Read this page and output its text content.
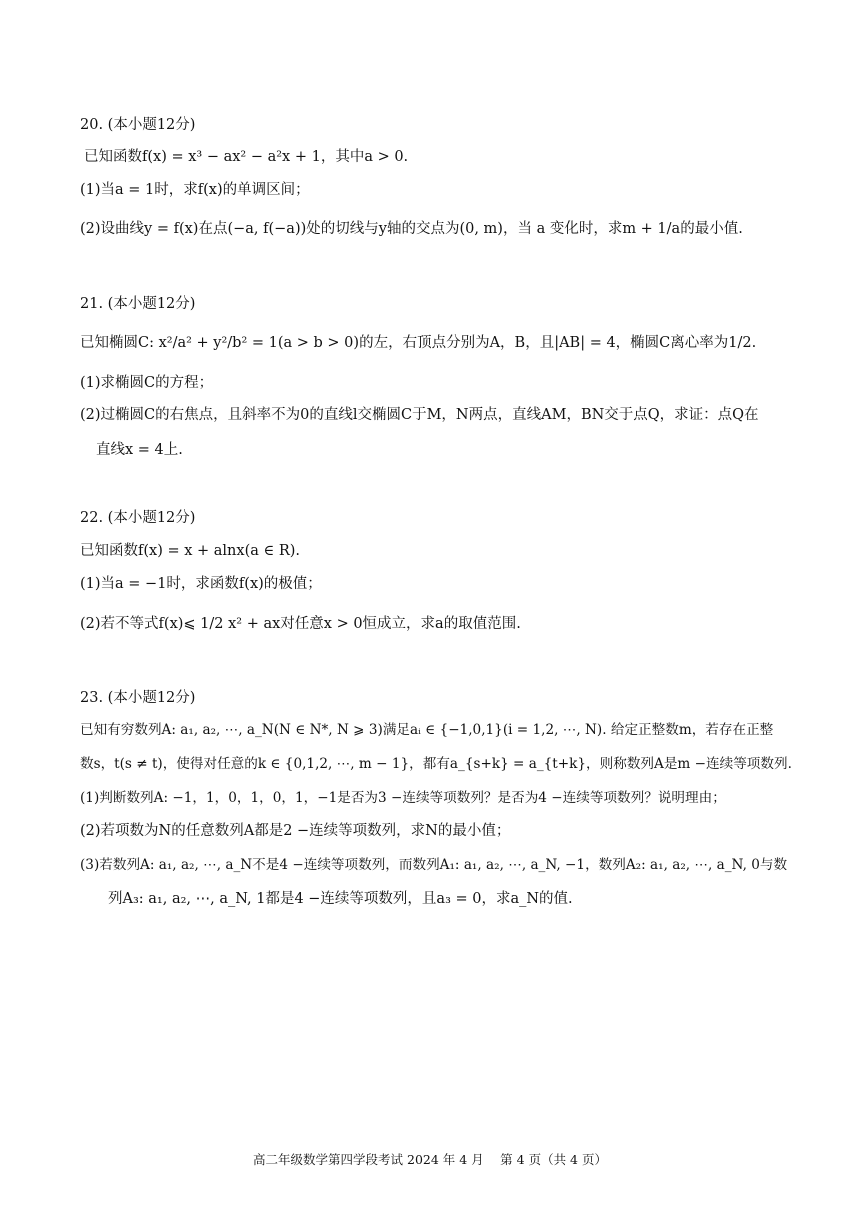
20. (本小题12分)
已知函数f(x) = x³ − ax² − a²x + 1，其中a > 0.
(1)当a = 1时，求f(x)的单调区间；
(2)设曲线y = f(x)在点(−a, f(−a))处的切线与y轴的交点为(0, m)，当 a 变化时，求m + 1/a的最小值.
21. (本小题12分)
已知椭圆C: x²/a² + y²/b² = 1(a > b > 0)的左，右顶点分别为A，B，且|AB| = 4，椭圆C离心率为1/2.
(1)求椭圆C的方程；
(2)过椭圆C的右焦点，且斜率不为0的直线l交椭圆C于M，N两点，直线AM，BN交于点Q，求证：点Q在
直线x = 4上.
22. (本小题12分)
已知函数f(x) = x + alnx(a ∈ R).
(1)当a = −1时，求函数f(x)的极值；
(2)若不等式f(x)⩽ 1/2 x² + ax对任意x > 0恒成立，求a的取值范围.
23. (本小题12分)
已知有穷数列A: a₁, a₂, ⋯, a_N(N ∈ N*, N ⩾ 3)满足aᵢ ∈ {−1,0,1}(i = 1,2, ⋯, N). 给定正整数m，若存在正整
数s，t(s ≠ t)，使得对任意的k ∈ {0,1,2, ⋯, m − 1}，都有a_{s+k} = a_{t+k}，则称数列A是m −连续等项数列.
(1)判断数列A: −1，1，0，1，0，1，−1是否为3 −连续等项数列？是否为4 −连续等项数列？说明理由；
(2)若项数为N的任意数列A都是2 −连续等项数列，求N的最小值；
(3)若数列A: a₁, a₂, ⋯, a_N不是4 −连续等项数列，而数列A₁: a₁, a₂, ⋯, a_N, −1，数列A₂: a₁, a₂, ⋯, a_N, 0与数
列A₃: a₁, a₂, ⋯, a_N, 1都是4 −连续等项数列，且a₃ = 0，求a_N的值.
高二年级数学第四学段考试 2024 年 4 月　 第 4 页（共 4 页）
